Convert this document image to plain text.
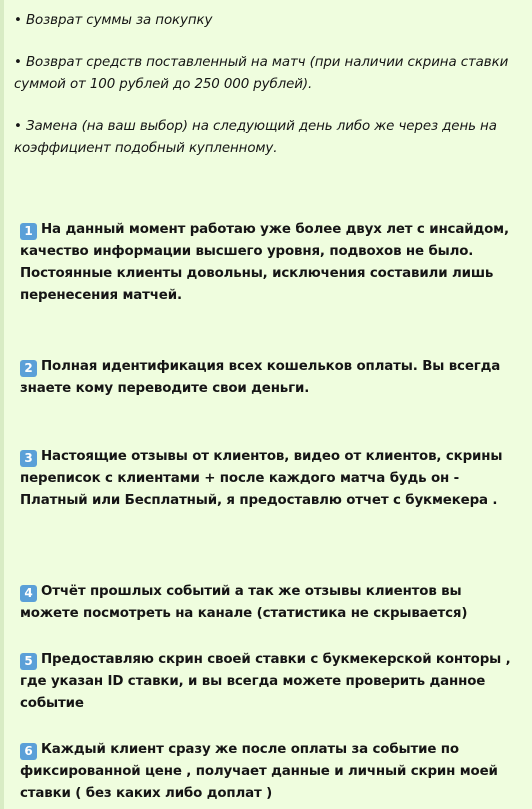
• Возврат суммы за покупку
• Возврат средств поставленный на матч (при наличии скрина ставки суммой от 100 рублей до 250 000 рублей).
• Замена (на ваш выбор) на следующий день либо же через день на коэффициент подобный купленному.
1 На данный момент работаю уже более двух лет с инсайдом, качество информации высшего уровня, подвохов не было. Постоянные клиенты довольны, исключения составили лишь перенесения матчей.
2 Полная идентификация всех кошельков оплаты. Вы всегда знаете кому переводите свои деньги.
3 Настоящие отзывы от клиентов, видео от клиентов, скрины переписок с клиентами + после каждого матча будь он - Платный или Бесплатный, я предоставлю отчет с букмекера .
4 Отчёт прошлых событий а так же отзывы клиентов вы можете посмотреть на канале (статистика не скрывается)
5 Предоставляю скрин своей ставки с букмекерской конторы , где указан ID ставки, и вы всегда можете проверить данное событие
6 Каждый клиент сразу же после оплаты за событие по фиксированной цене , получает данные и личный скрин моей ставки ( без каких либо доплат )
